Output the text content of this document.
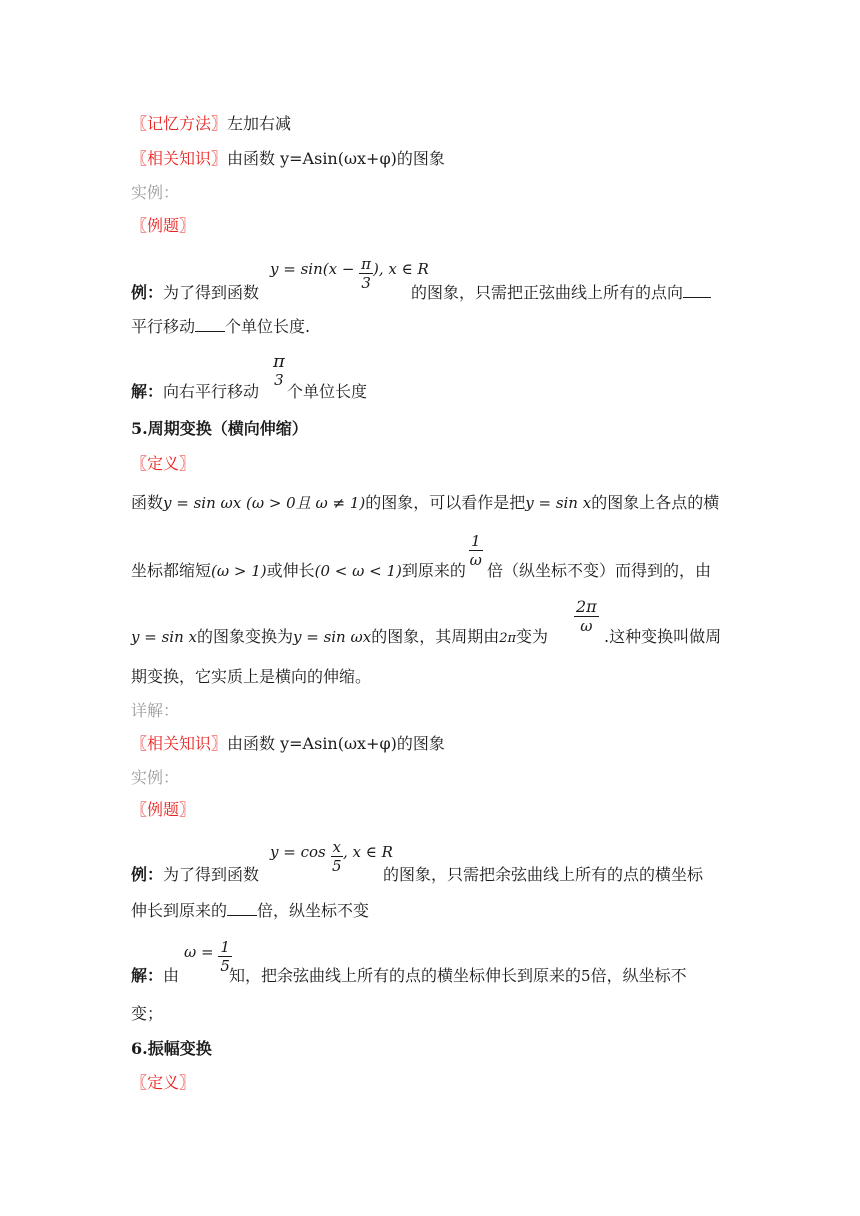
〖记忆方法〗左加右减
〖相关知识〗由函数 y=Asin(ωx+φ)的图象
实例：
〖例题〗
例：为了得到函数
$y = \sin(x - \frac{\pi}{3}$ ), x ∈ R
的图象，只需把正弦曲线上所有的点向
平行移动 个单位长度.
解：向右平行移动
π
3
个单位长度
5.周期变换（横向伸缩）
〖定义〗
函数y = sin ωx (ω > 0且 ω ≠ 1)的图象，可以看作是把y = sin x的图象上各点的横
坐标都缩短(ω > 1)或伸长(0 < ω < 1)到原来的
$\frac{1}{\omega}$
倍（纵坐标不变）而得到的，由
y = sin x的图象变换为y = sin ωx的图象，其周期由2π变为
$\frac{2\pi}{\omega}$
.这种变换叫做周
期变换，它实质上是横向的伸缩。
详解：
〖相关知识〗由函数 y=Asin(ωx+φ)的图象
实例：
〖例题〗
例：为了得到函数
$y = \cos \frac{x}{5}$ , x ∈ R
的图象，只需把余弦曲线上所有的点的横坐标
伸长到原来的 倍，纵坐标不变
解：由
$\omega = \frac{1}{5}$
知，把余弦曲线上所有的点的横坐标伸长到原来的5倍，纵坐标不
变；
6.振幅变换
〖定义〗
